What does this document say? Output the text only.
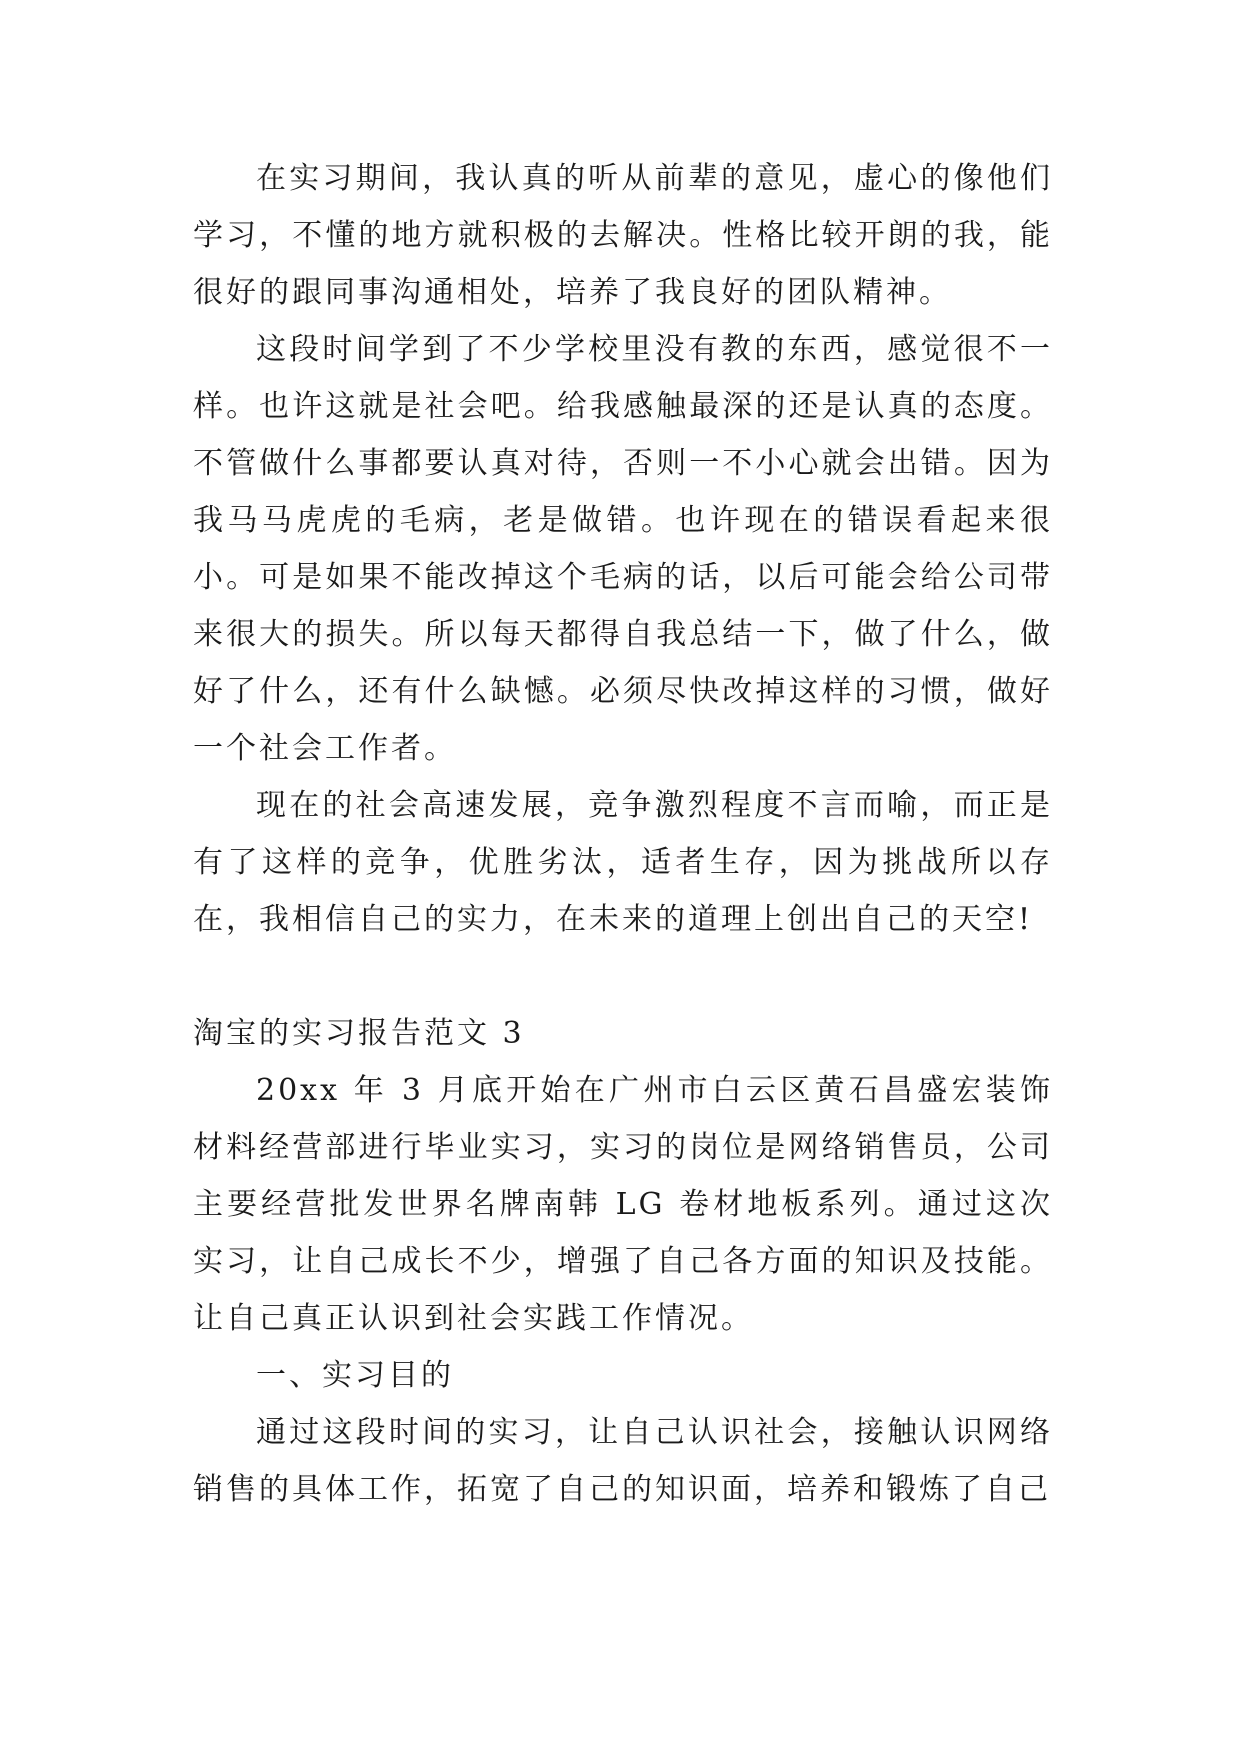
在实习期间，我认真的听从前辈的意见，虚心的像他们学习，不懂的地方就积极的去解决。性格比较开朗的我，能很好的跟同事沟通相处，培养了我良好的团队精神。

这段时间学到了不少学校里没有教的东西，感觉很不一样。也许这就是社会吧。给我感触最深的还是认真的态度。不管做什么事都要认真对待，否则一不小心就会出错。因为我马马虎虎的毛病，老是做错。也许现在的错误看起来很小。可是如果不能改掉这个毛病的话，以后可能会给公司带来很大的损失。所以每天都得自我总结一下，做了什么，做好了什么，还有什么缺憾。必须尽快改掉这样的习惯，做好一个社会工作者。

现在的社会高速发展，竞争激烈程度不言而喻，而正是有了这样的竞争，优胜劣汰，适者生存，因为挑战所以存在，我相信自己的实力，在未来的道理上创出自己的天空!

淘宝的实习报告范文 3

20xx 年 3 月底开始在广州市白云区黄石昌盛宏装饰材料经营部进行毕业实习，实习的岗位是网络销售员，公司主要经营批发世界名牌南韩 LG 卷材地板系列。通过这次实习，让自己成长不少，增强了自己各方面的知识及技能。让自己真正认识到社会实践工作情况。

一、实习目的

通过这段时间的实习，让自己认识社会，接触认识网络销售的具体工作，拓宽了自己的知识面，培养和锻炼了自己
